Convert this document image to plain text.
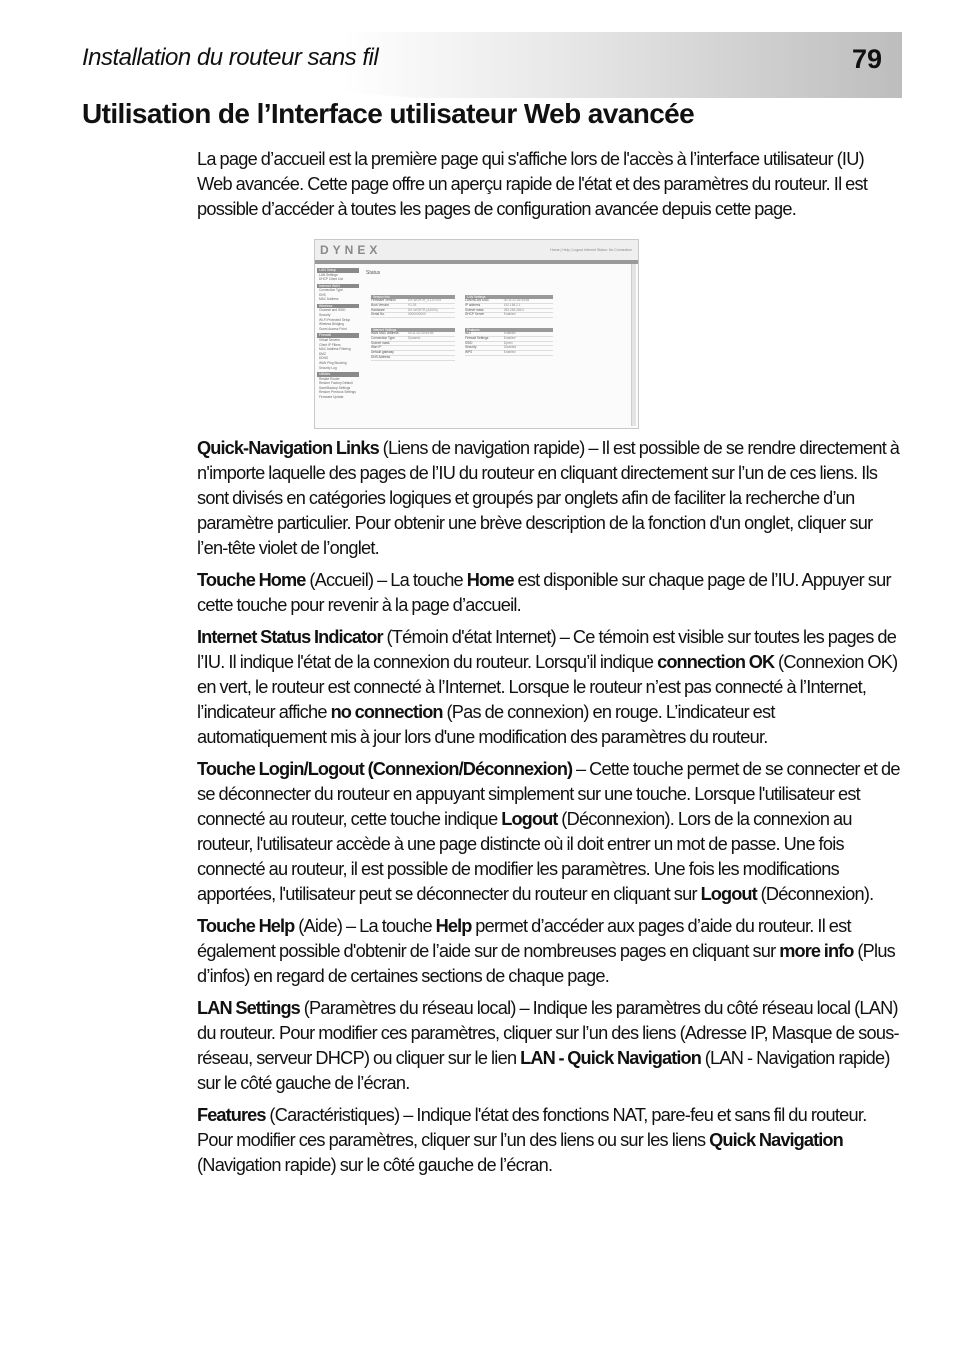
Installation du routeur sans fil	79
Utilisation de l’Interface utilisateur Web avancée

La page d’accueil est la première page qui s'affiche lors de l'accès à l’interface utilisateur (IU) Web avancée. Cette page offre un aperçu rapide de l'état et des paramètres du routeur. Il est possible d’accéder à toutes les pages de configuration avancée depuis cette page.

DYNEX	Home | Help | Logout Internet Status: No Connection
LAN Setup
LAN Settings
DHCP Client List
Internet WAN
Connection Type
DNS
MAC Address
Wireless
Channel and SSID
Security
Wi-Fi Protected Setup
Wireless Bridging
Guest Access Point
Firewall
Virtual Servers
Client IP Filters
MAC Address Filtering
DMZ
DDNS
WAN Ping Blocking
Security Log
Utilities
Restart Router
Restore Factory Default
Save/Backup Settings
Restore Previous Settings
Firmware Update
Status
Version Info
Firmware Version	DX-WGRTR_V1.0.0.04
Boot Version	V1.03
Hardware	DX-WGRTR (A2000)
Serial No.	0000000000
LAN Settings
LAN/WLAN MAC	00:11:22:33:44:55
IP address	192.168.2.1
Subnet mask	255.255.255.0
DHCP Server	Enabled
Internet Settings
WAN MAC address	00:11:22:33:44:56
Connection Type	Dynamic
Subnet mask
Wan IP
Default gateway
DNS Address
Features
NAT	Enabled
Firewall Settings	Enabled
SSID	Dynex
Security	Disabled
WPS	Enabled

Quick-Navigation Links (Liens de navigation rapide) – Il est possible de se rendre directement à n'importe laquelle des pages de l’IU du routeur en cliquant directement sur l’un de ces liens. Ils sont divisés en catégories logiques et groupés par onglets afin de faciliter la recherche d’un paramètre particulier. Pour obtenir une brève description de la fonction d'un onglet, cliquer sur l’en-tête violet de l’onglet.

Touche Home (Accueil) – La touche Home est disponible sur chaque page de l’IU. Appuyer sur cette touche pour revenir à la page d’accueil.

Internet Status Indicator (Témoin d'état Internet) – Ce témoin est visible sur toutes les pages de l’IU. Il indique l'état de la connexion du routeur. Lorsqu’il indique connection OK (Connexion OK) en vert, le routeur est connecté à l’Internet. Lorsque le routeur n’est pas connecté à l’Internet, l’indicateur affiche no connection (Pas de connexion) en rouge. L’indicateur est automatiquement mis à jour lors d'une modification des paramètres du routeur.

Touche Login/Logout (Connexion/Déconnexion) – Cette touche permet de se connecter et de se déconnecter du routeur en appuyant simplement sur une touche. Lorsque l'utilisateur est connecté au routeur, cette touche indique Logout (Déconnexion). Lors de la connexion au routeur, l'utilisateur accède à une page distincte où il doit entrer un mot de passe. Une fois connecté au routeur, il est possible de modifier les paramètres. Une fois les modifications apportées, l'utilisateur peut se déconnecter du routeur en cliquant sur Logout (Déconnexion).

Touche Help (Aide) – La touche Help permet d’accéder aux pages d’aide du routeur. Il est également possible d'obtenir de l’aide sur de nombreuses pages en cliquant sur more info (Plus d’infos) en regard de certaines sections de chaque page.

LAN Settings (Paramètres du réseau local) – Indique les paramètres du côté réseau local (LAN) du routeur. Pour modifier ces paramètres, cliquer sur l’un des liens (Adresse IP, Masque de sous-réseau, serveur DHCP) ou cliquer sur le lien LAN - Quick Navigation (LAN - Navigation rapide) sur le côté gauche de l’écran.

Features (Caractéristiques) – Indique l'état des fonctions NAT, pare-feu et sans fil du routeur. Pour modifier ces paramètres, cliquer sur l’un des liens ou sur les liens Quick Navigation (Navigation rapide) sur le côté gauche de l’écran.
